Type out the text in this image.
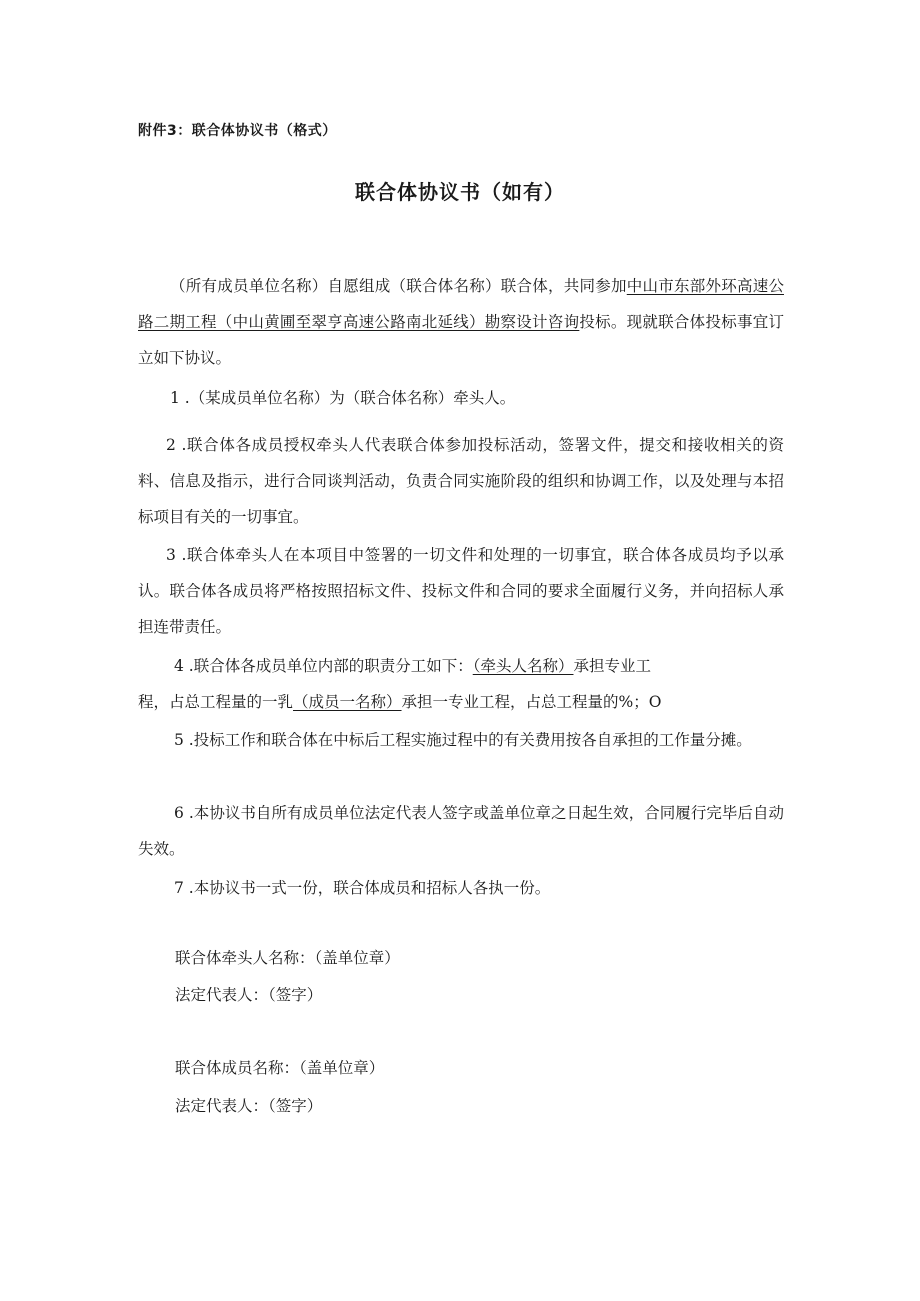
附件3：联合体协议书（格式）
联合体协议书（如有）
（所有成员单位名称）自愿组成（联合体名称）联合体，共同参加中山市东部外环高速公路二期工程（中山黄圃至翠亨高速公路南北延线）勘察设计咨询投标。现就联合体投标事宜订立如下协议。
1 .（某成员单位名称）为（联合体名称）牵头人。
2 .联合体各成员授权牵头人代表联合体参加投标活动，签署文件，提交和接收相关的资料、信息及指示，进行合同谈判活动，负责合同实施阶段的组织和协调工作，以及处理与本招标项目有关的一切事宜。
3 .联合体牵头人在本项目中签署的一切文件和处理的一切事宜，联合体各成员均予以承认。联合体各成员将严格按照招标文件、投标文件和合同的要求全面履行义务，并向招标人承担连带责任。
4 .联合体各成员单位内部的职责分工如下：（牵头人名称）承担专业工
程，占总工程量的一乳（成员一名称）承担一专业工程，占总工程量的%；O
5 .投标工作和联合体在中标后工程实施过程中的有关费用按各自承担的工作量分摊。
6 .本协议书自所有成员单位法定代表人签字或盖单位章之日起生效，合同履行完毕后自动失效。
7 .本协议书一式一份，联合体成员和招标人各执一份。
联合体牵头人名称：（盖单位章）
法定代表人：（签字）
联合体成员名称：（盖单位章）
法定代表人：（签字）
